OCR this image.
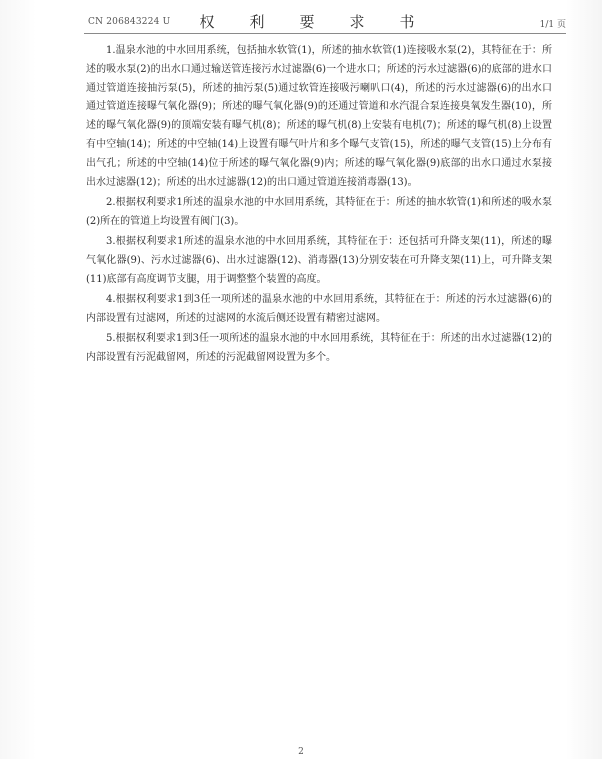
CN 206843224 U	权　利　要　求　书	1/1 页

1.温泉水池的中水回用系统，包括抽水软管(1)，所述的抽水软管(1)连接吸水泵(2)，其特征在于：所述的吸水泵(2)的出水口通过输送管连接污水过滤器(6)一个进水口；所述的污水过滤器(6)的底部的进水口通过管道连接抽污泵(5)，所述的抽污泵(5)通过软管连接吸污喇叭口(4)，所述的污水过滤器(6)的出水口通过管道连接曝气氧化器(9)；所述的曝气氧化器(9)的还通过管道和水汽混合泵连接臭氧发生器(10)，所述的曝气氧化器(9)的顶端安装有曝气机(8)；所述的曝气机(8)上安装有电机(7)；所述的曝气机(8)上设置有中空轴(14)；所述的中空轴(14)上设置有曝气叶片和多个曝气支管(15)，所述的曝气支管(15)上分布有出气孔；所述的中空轴(14)位于所述的曝气氧化器(9)内；所述的曝气氧化器(9)底部的出水口通过水泵接出水过滤器(12)；所述的出水过滤器(12)的出口通过管道连接消毒器(13)。

2.根据权利要求1所述的温泉水池的中水回用系统，其特征在于：所述的抽水软管(1)和所述的吸水泵(2)所在的管道上均设置有阀门(3)。

3.根据权利要求1所述的温泉水池的中水回用系统，其特征在于：还包括可升降支架(11)，所述的曝气氧化器(9)、污水过滤器(6)、出水过滤器(12)、消毒器(13)分别安装在可升降支架(11)上，可升降支架(11)底部有高度调节支腿，用于调整整个装置的高度。

4.根据权利要求1到3任一项所述的温泉水池的中水回用系统，其特征在于：所述的污水过滤器(6)的内部设置有过滤网，所述的过滤网的水流后侧还设置有精密过滤网。

5.根据权利要求1到3任一项所述的温泉水池的中水回用系统，其特征在于：所述的出水过滤器(12)的内部设置有污泥截留网，所述的污泥截留网设置为多个。

2
